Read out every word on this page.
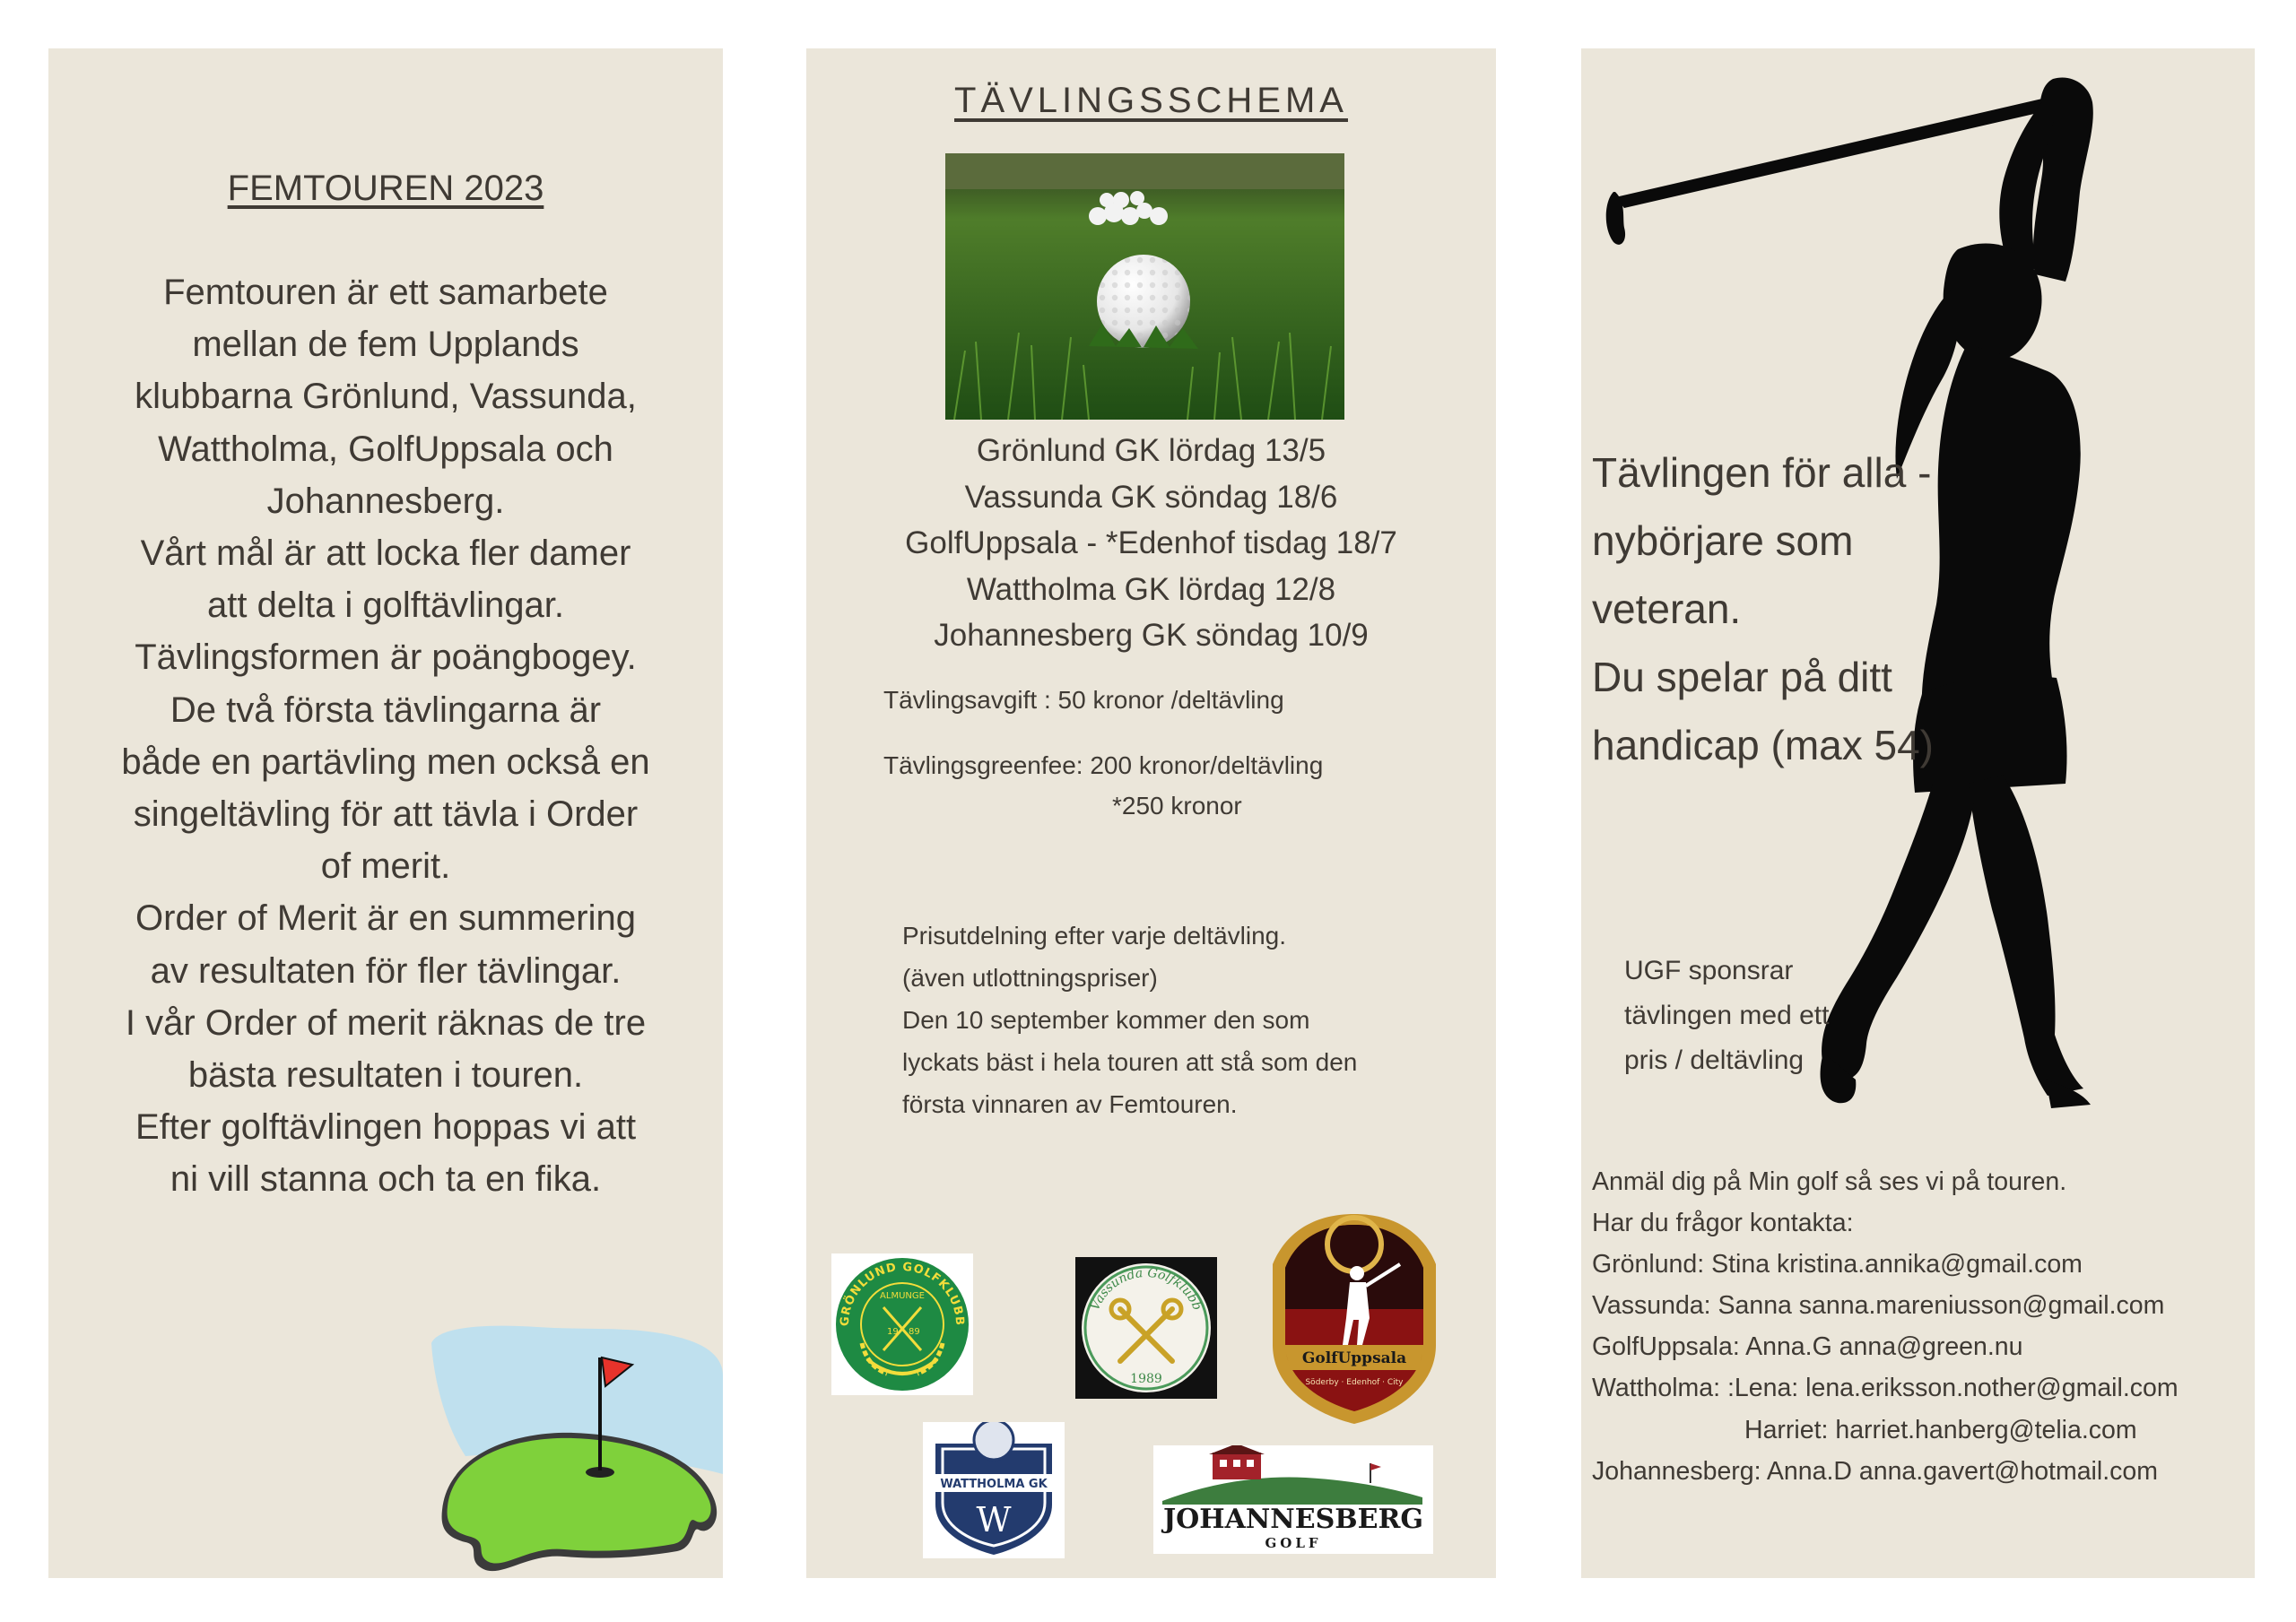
FEMTOUREN 2023
Femtouren är ett samarbete
mellan de fem Upplands
klubbarna Grönlund, Vassunda,
Wattholma, GolfUppsala och
Johannesberg.
Vårt mål är att locka fler damer
att delta i golftävlingar.
Tävlingsformen är poängbogey.
De två första tävlingarna är
både en partävling men också en
singeltävling för att tävla i Order
of merit.
Order of Merit är en summering
av resultaten för fler tävlingar.
I vår Order of merit räknas de tre
bästa resultaten i touren.
Efter golftävlingen hoppas vi att
ni vill stanna och ta en fika.
TÄVLINGSSCHEMA
Grönlund GK lördag 13/5
Vassunda GK söndag 18/6
GolfUppsala - *Edenhof tisdag 18/7
Wattholma GK lördag 12/8
Johannesberg GK söndag 10/9
Tävlingsavgift : 50 kronor /deltävling
Tävlingsgreenfee: 200 kronor/deltävling
*250 kronor
Prisutdelning efter varje deltävling.
(även utlottningspriser)
Den 10 september kommer den som
lyckats bäst i hela touren att stå som den
första vinnaren av Femtouren.
GRÖNLUND GOLFKLUBB
ALMUNGE
19 89
Vassunda Golfklubb
1989
GolfUppsala
Söderby · Edenhof · City
WATTHOLMA GK
W	JOHANNESBERG
GOLF
Tävlingen för alla -
nybörjare som
veteran.
Du spelar på ditt
handicap (max 54)
UGF sponsrar
tävlingen med ett
pris / deltävling
Anmäl dig på Min golf så ses vi på touren.
Har du frågor kontakta:
Grönlund: Stina kristina.annika@gmail.com
Vassunda: Sanna sanna.mareniusson@gmail.com
GolfUppsala: Anna.G anna@green.nu
Wattholma: :Lena: lena.eriksson.nother@gmail.com
Harriet: harriet.hanberg@telia.com
Johannesberg: Anna.D anna.gavert@hotmail.com
